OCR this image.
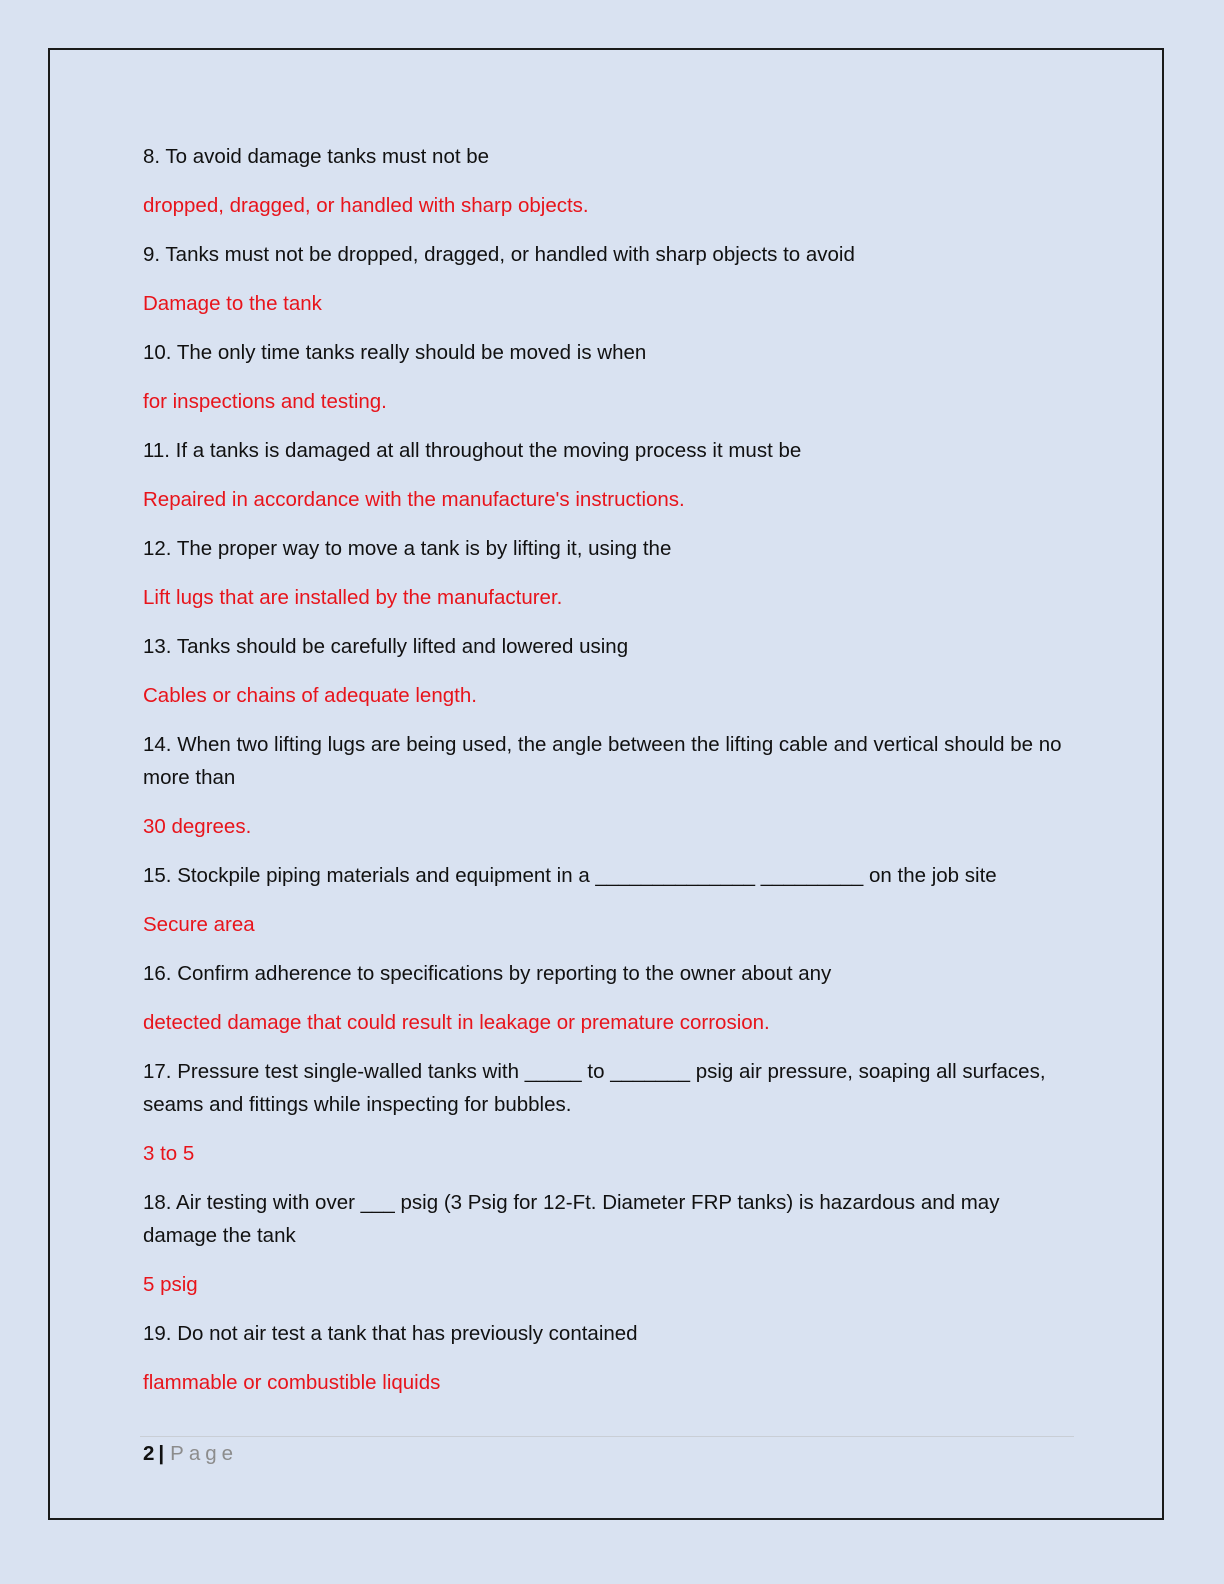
8. To avoid damage tanks must not be

dropped, dragged, or handled with sharp objects.

9. Tanks must not be dropped, dragged, or handled with sharp objects to avoid

Damage to the tank

10. The only time tanks really should be moved is when

for inspections and testing.

11. If a tanks is damaged at all throughout the moving process it must be

Repaired in accordance with the manufacture's instructions.

12. The proper way to move a tank is by lifting it, using the

Lift lugs that are installed by the manufacturer.

13. Tanks should be carefully lifted and lowered using

Cables or chains of adequate length.

14. When two lifting lugs are being used, the angle between the lifting cable and vertical should be no more than

30 degrees.

15. Stockpile piping materials and equipment in a ______________ _________ on the job site

Secure area

16. Confirm adherence to specifications by reporting to the owner about any

detected damage that could result in leakage or premature corrosion.

17. Pressure test single-walled tanks with _____ to _______ psig air pressure, soaping all surfaces, seams and fittings while inspecting for bubbles.

3 to 5

18. Air testing with over ___ psig (3 Psig for 12-Ft. Diameter FRP tanks) is hazardous and may damage the tank

5 psig

19. Do not air test a tank that has previously contained

flammable or combustible liquids

2 | Page
